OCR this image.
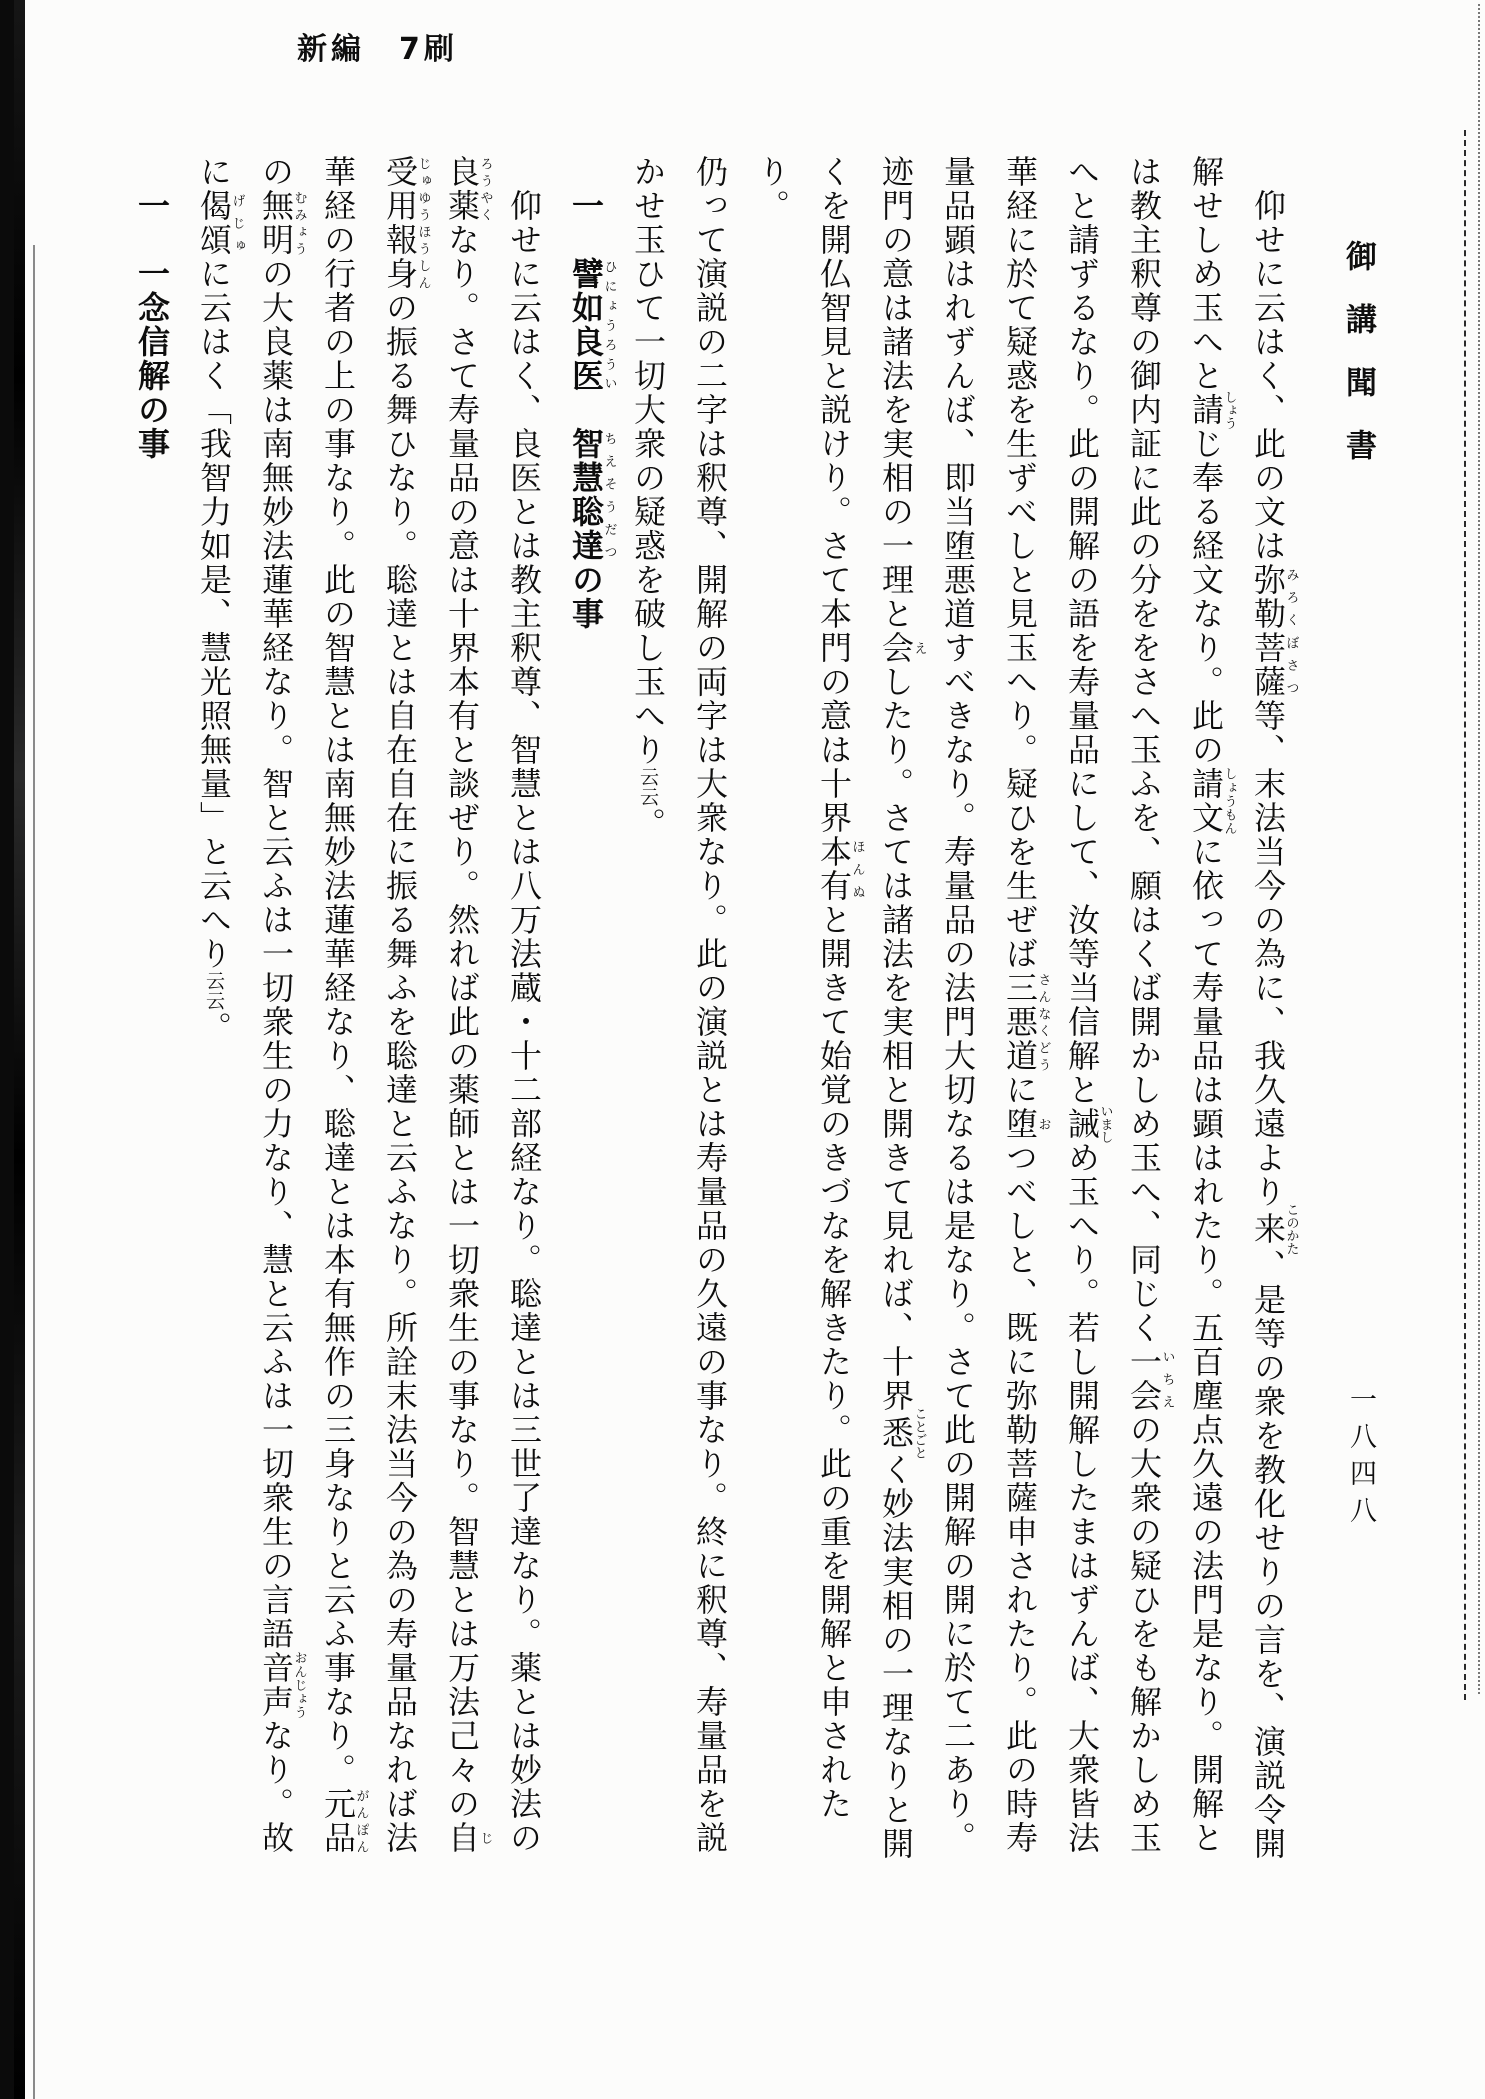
新編　7刷
御講聞書
仰せに云はく、此の文は弥勒菩薩みろくぼさつ等、末法当今の為に、我久遠より来このかた、是等の衆を教化せりの言を、演説令開
解せしめ玉へと請しょうじ奉る経文なり。此の請文しょうもんに依って寿量品は顕はれたり。五百塵点久遠の法門是なり。開解と
は教主釈尊の御内証に此の分ををさへ玉ふを、願はくば開かしめ玉へ、同じく一会いちえの大衆の疑ひをも解かしめ玉
へと請ずるなり。此の開解の語を寿量品にして、汝等当信解と誡いましめ玉へり。若し開解したまはずんば、大衆皆法
華経に於て疑惑を生ずべしと見玉へり。疑ひを生ぜば三悪道さんなくどうに堕おつべしと、既に弥勒菩薩申されたり。此の時寿
量品顕はれずんば、即当堕悪道すべきなり。寿量品の法門大切なるは是なり。さて此の開解の開に於て二あり。
迹門の意は諸法を実相の一理と会えしたり。さては諸法を実相と開きて見れば、十界悉ことごとく妙法実相の一理なりと開
くを開仏智見と説けり。さて本門の意は十界本有ほんぬと開きて始覚のきづなを解きたり。此の重を開解と申されたり。
仍って演説の二字は釈尊、開解の両字は大衆なり。此の演説とは寿量品の久遠の事なり。終に釈尊、寿量品を説
かせ玉ひて一切大衆の疑惑を破し玉へり云云。
一　譬如良医ひにょうろうい　智慧聡達ちえそうだつの事
仰せに云はく、良医とは教主釈尊、智慧とは八万法蔵・十二部経なり。聡達とは三世了達なり。薬とは妙法の
良薬ろうやくなり。さて寿量品の意は十界本有と談ぜり。然れば此の薬師とは一切衆生の事なり。智慧とは万法己々の自じ
受用報身じゅゆうほうしんの振る舞ひなり。聡達とは自在自在に振る舞ふを聡達と云ふなり。所詮末法当今の為の寿量品なれば法
華経の行者の上の事なり。此の智慧とは南無妙法蓮華経なり、聡達とは本有無作の三身なりと云ふ事なり。元品がんぽん
の無明むみょうの大良薬は南無妙法蓮華経なり。智と云ふは一切衆生の力なり、慧と云ふは一切衆生の言語音声おんじょうなり。故
に偈頌げじゅに云はく「我智力如是、慧光照無量」と云へり云云。
一　一念信解の事
一八四八
